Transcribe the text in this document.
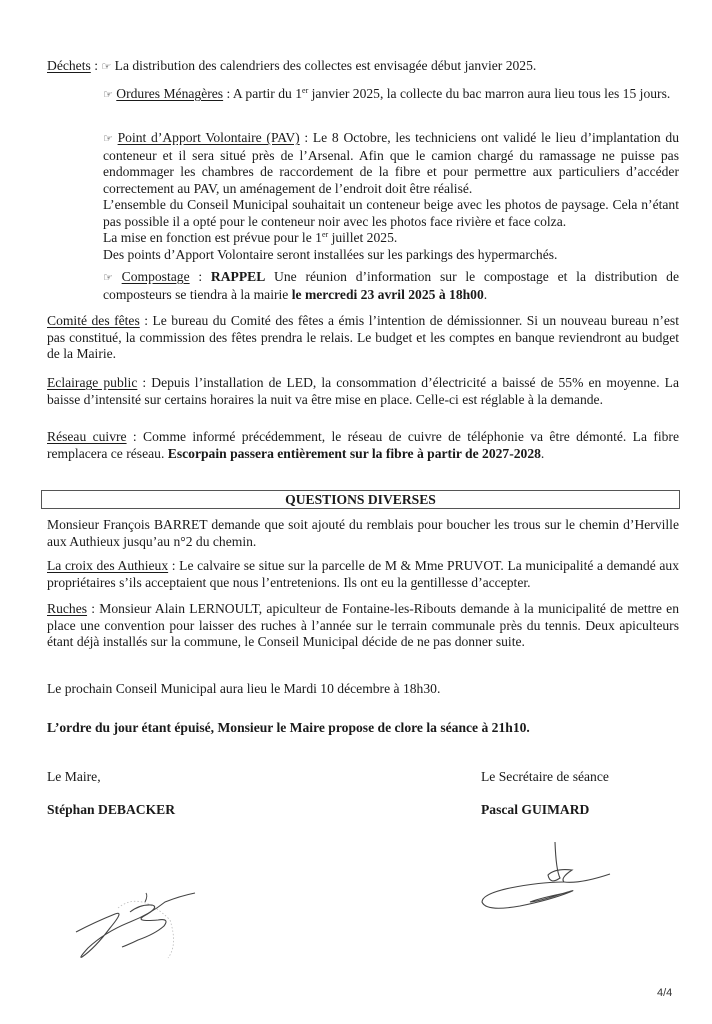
Déchets : ☞ La distribution des calendriers des collectes est envisagée début janvier 2025.
☞ Ordures Ménagères : A partir du 1er janvier 2025, la collecte du bac marron aura lieu tous les 15 jours.
☞ Point d’Apport Volontaire (PAV) : Le 8 Octobre, les techniciens ont validé le lieu d’implantation du conteneur et il sera situé près de l’Arsenal. Afin que le camion chargé du ramassage ne puisse pas endommager les chambres de raccordement de la fibre et pour permettre aux particuliers d’accéder correctement au PAV, un aménagement de l’endroit doit être réalisé.
L’ensemble du Conseil Municipal souhaitait un conteneur beige avec les photos de paysage. Cela n’étant pas possible il a opté pour le conteneur noir avec les photos face rivière et face colza.
La mise en fonction est prévue pour le 1er juillet 2025.
Des points d’Apport Volontaire seront installées sur les parkings des hypermarchés.
☞ Compostage : RAPPEL Une réunion d’information sur le compostage et la distribution de composteurs se tiendra à la mairie le mercredi 23 avril 2025 à 18h00.
Comité des fêtes : Le bureau du Comité des fêtes a émis l’intention de démissionner. Si un nouveau bureau n’est pas constitué, la commission des fêtes prendra le relais. Le budget et les comptes en banque reviendront au budget de la Mairie.
Eclairage public : Depuis l’installation de LED, la consommation d’électricité a baissé de 55% en moyenne. La baisse d’intensité sur certains horaires la nuit va être mise en place. Celle-ci est réglable à la demande.
Réseau cuivre : Comme informé précédemment, le réseau de cuivre de téléphonie va être démonté. La fibre remplacera ce réseau. Escorpain passera entièrement sur la fibre à partir de 2027-2028.
QUESTIONS DIVERSES
Monsieur François BARRET demande que soit ajouté du remblais pour boucher les trous sur le chemin d’Herville aux Authieux jusqu’au n°2 du chemin.
La croix des Authieux : Le calvaire se situe sur la parcelle de M & Mme PRUVOT. La municipalité a demandé aux propriétaires s’ils acceptaient que nous l’entretenions. Ils ont eu la gentillesse d’accepter.
Ruches : Monsieur Alain LERNOULT, apiculteur de Fontaine-les-Ribouts demande à la municipalité de mettre en place une convention pour laisser des ruches à l’année sur le terrain communale près du tennis. Deux apiculteurs étant déjà installés sur la commune, le Conseil Municipal décide de ne pas donner suite.
Le prochain Conseil Municipal aura lieu le Mardi 10 décembre à 18h30.
L’ordre du jour étant épuisé, Monsieur le Maire propose de clore la séance à 21h10.
Le Maire,
Stéphan DEBACKER
Le Secrétaire de séance
Pascal GUIMARD
4/4
